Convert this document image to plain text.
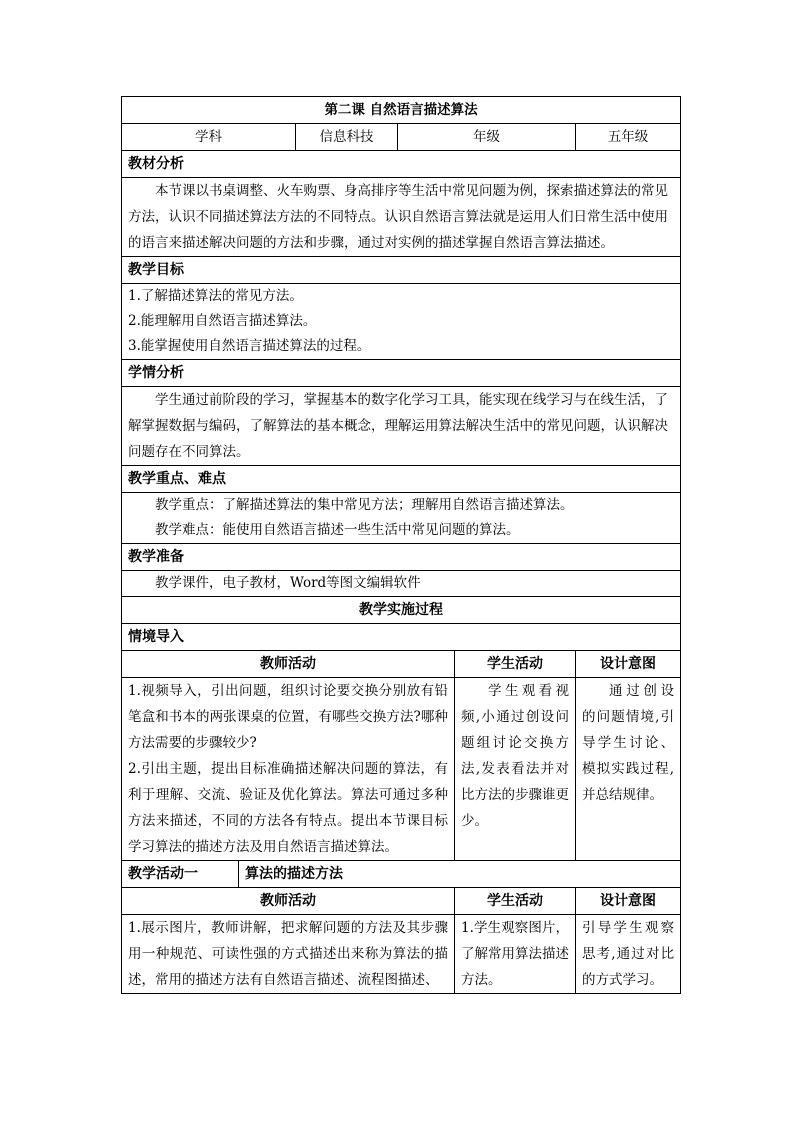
第二课 自然语言描述算法					
学科		信息科技	年级		五年级
教材分析					

本节课以书桌调整、火车购票、身高排序等生活中常见问题为例，探索描述算法的常见方法，认识不同描述算法方法的不同特点。认识自然语言算法就是运用人们日常生活中使用的语言来描述解决问题的方法和步骤，通过对实例的描述掌握自然语言算法描述。					

教学目标					

1.了解描述算法的常见方法。

2.能理解用自然语言描述算法。

3.能掌握使用自然语言描述算法的过程。					

学情分析					

学生通过前阶段的学习，掌握基本的数字化学习工具，能实现在线学习与在线生活，了解掌握数据与编码，了解算法的基本概念，理解运用算法解决生活中的常见问题，认识解决问题存在不同算法。					

教学重点、难点					

教学重点：了解描述算法的集中常见方法；理解用自然语言描述算法。

教学难点：能使用自然语言描述一些生活中常见问题的算法。					

教学准备					

教学课件，电子教材，Word等图文编辑软件					

教学实施过程					
情境导入					
教师活动				学生活动	设计意图
1.视频导入，引出问题，组织讨论要交换分别放有铅笔盒和书本的两张课桌的位置，有哪些交换方法?哪种方法需要的步骤较少?
2.引出主题，提出目标准确描述解决问题的算法，有利于理解、交流、验证及优化算法。算法可通过多种方法来描述，不同的方法各有特点。提出本节课目标学习算法的描述方法及用自然语言描述算法。				学生观看视频,小通过创设问题组讨论交换方法,发表看法并对比方法的步骤谁更少。	通过创设的问题情境,引导学生讨论、模拟实践过程,并总结规律。
教学活动一	算法的描述方法				
教师活动				学生活动	设计意图
1.展示图片，教师讲解，把求解问题的方法及其步骤用一种规范、可读性强的方式描述出来称为算法的描述，常用的描述方法有自然语言描述、流程图描述、				1.学生观察图片，了解常用算法描述方法。	引导学生观察思考,通过对比的方式学习。
